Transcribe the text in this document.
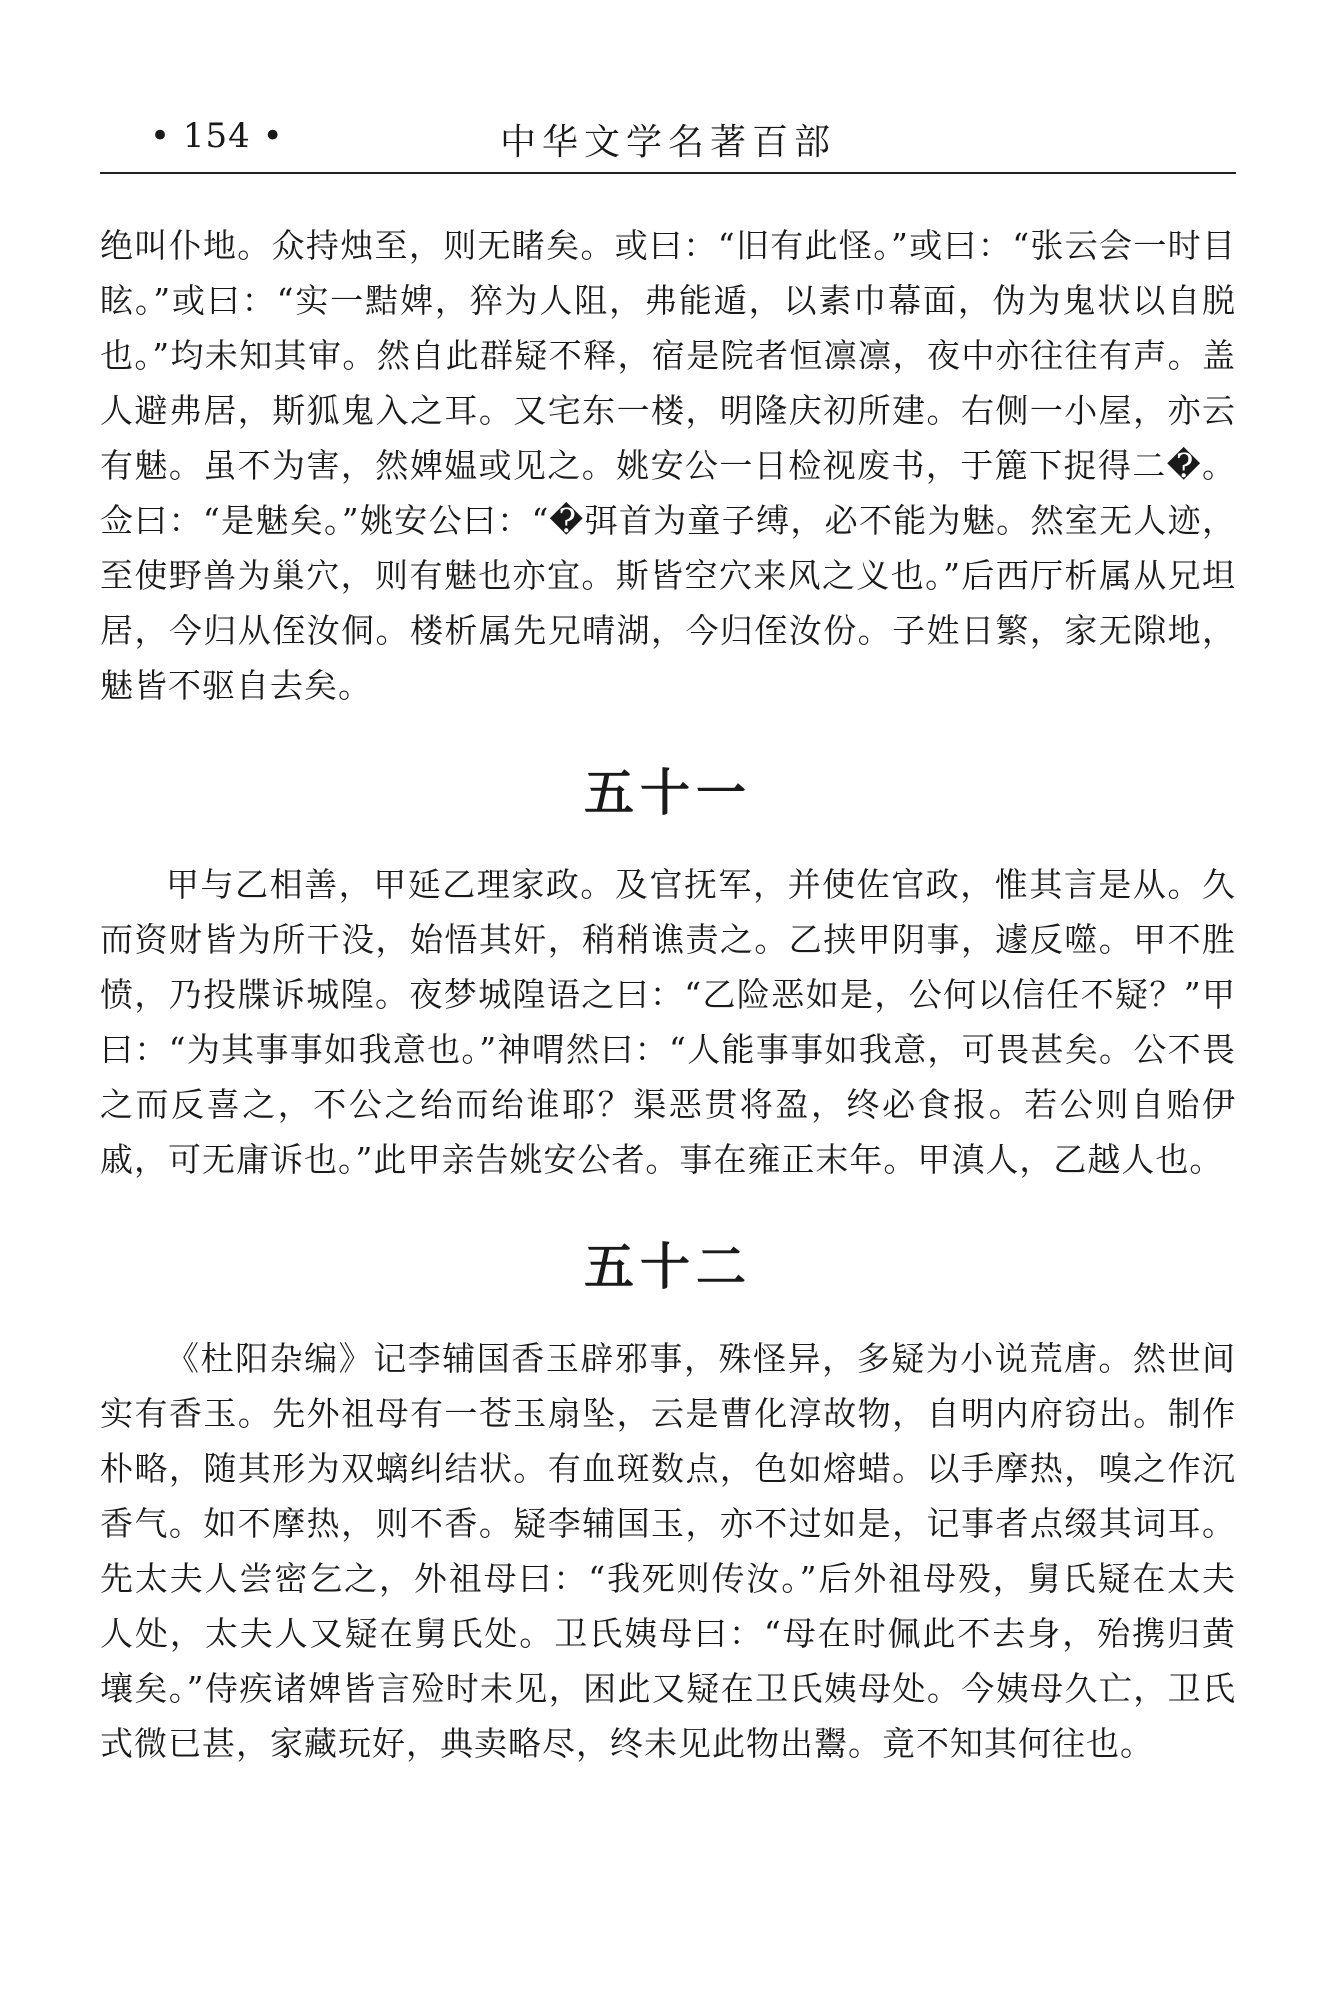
• 154 •	中华文学名著百部

绝叫仆地。众持烛至，则无睹矣。或曰：“旧有此怪。”或曰：“张云会一时目眩。”或曰：“实一黠婢，猝为人阻，弗能遁，以素巾幕面，伪为鬼状以自脱也。”均未知其审。然自此群疑不释，宿是院者恒凛凛，夜中亦往往有声。盖人避弗居，斯狐鬼入之耳。又宅东一楼，明隆庆初所建。右侧一小屋，亦云有魅。虽不为害，然婢媪或见之。姚安公一日检视废书，于簏下捉得二�。佥曰：“是魅矣。”姚安公曰：“�弭首为童子缚，必不能为魅。然室无人迹，至使野兽为巢穴，则有魅也亦宜。斯皆空穴来风之义也。”后西厅析属从兄坦居，今归从侄汝侗。楼析属先兄晴湖，今归侄汝份。子姓日繁，家无隙地，魅皆不驱自去矣。

五十一

甲与乙相善，甲延乙理家政。及官抚军，并使佐官政，惟其言是从。久而资财皆为所干没，始悟其奸，稍稍谯责之。乙挟甲阴事，遽反噬。甲不胜愤，乃投牒诉城隍。夜梦城隍语之曰：“乙险恶如是，公何以信任不疑？”甲曰：“为其事事如我意也。”神喟然曰：“人能事事如我意，可畏甚矣。公不畏之而反喜之，不公之绐而绐谁耶？渠恶贯将盈，终必食报。若公则自贻伊戚，可无庸诉也。”此甲亲告姚安公者。事在雍正末年。甲滇人，乙越人也。

五十二

《杜阳杂编》记李辅国香玉辟邪事，殊怪异，多疑为小说荒唐。然世间实有香玉。先外祖母有一苍玉扇坠，云是曹化淳故物，自明内府窃出。制作朴略，随其形为双螭纠结状。有血斑数点，色如熔蜡。以手摩热，嗅之作沉香气。如不摩热，则不香。疑李辅国玉，亦不过如是，记事者点缀其词耳。先太夫人尝密乞之，外祖母曰：“我死则传汝。”后外祖母殁，舅氏疑在太夫人处，太夫人又疑在舅氏处。卫氏姨母曰：“母在时佩此不去身，殆携归黄壤矣。”侍疾诸婢皆言殓时未见，困此又疑在卫氏姨母处。今姨母久亡，卫氏式微已甚，家藏玩好，典卖略尽，终未见此物出鬻。竟不知其何往也。
